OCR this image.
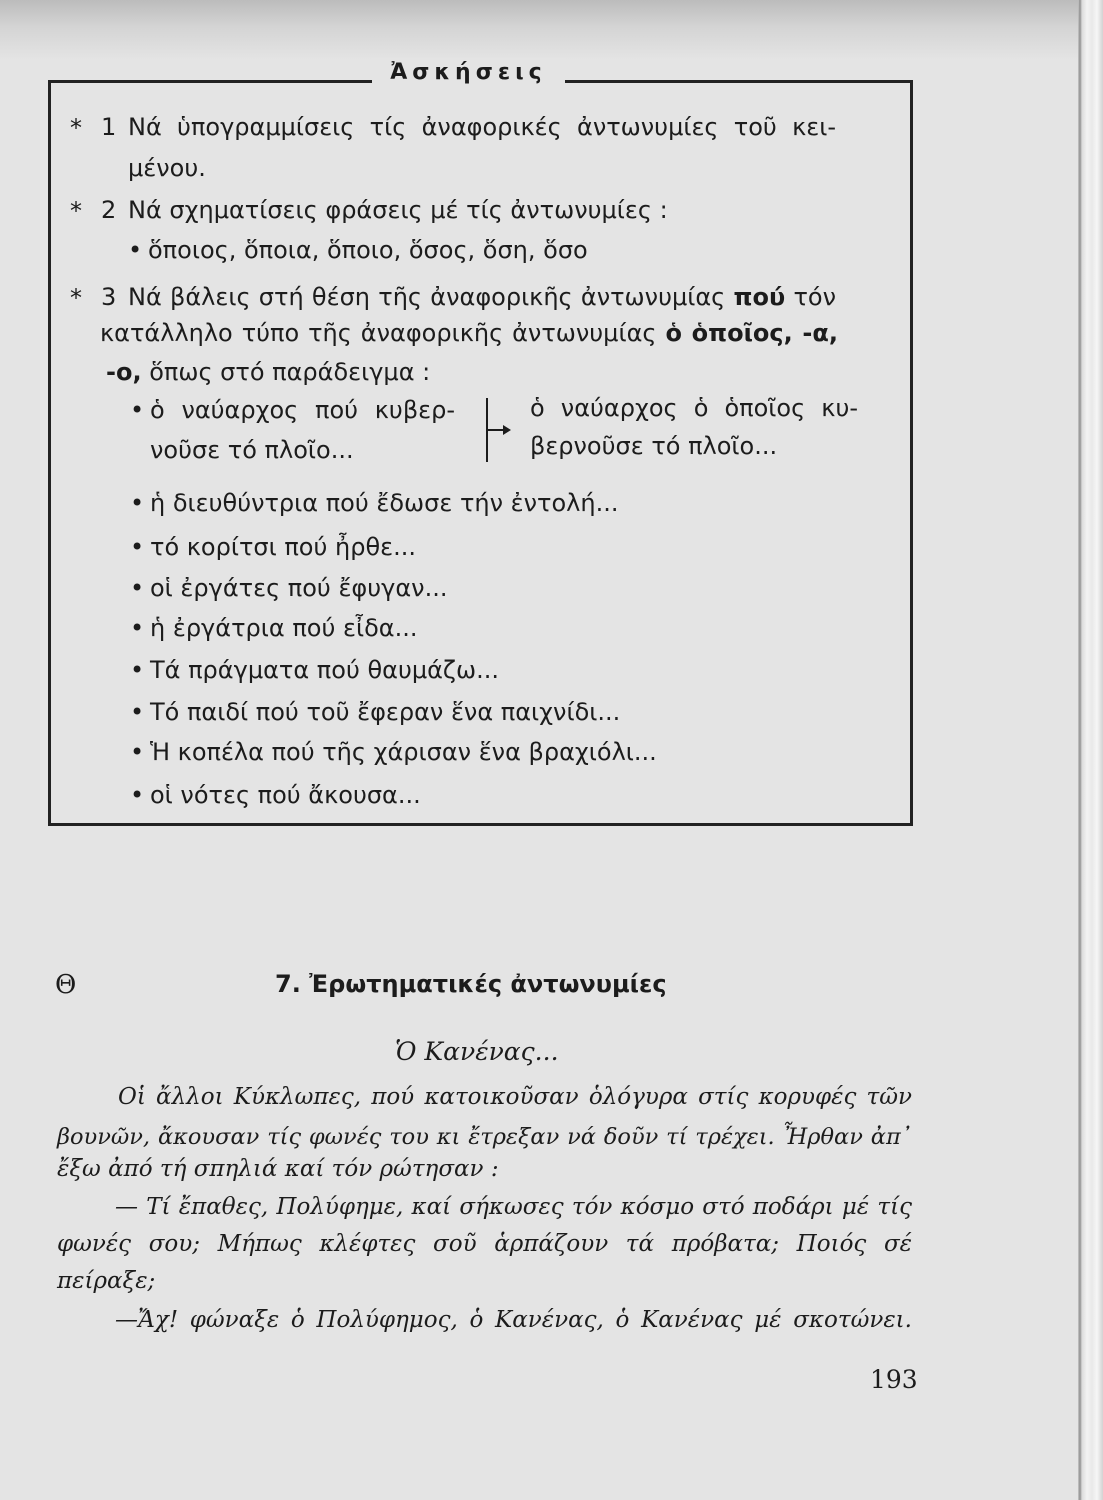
Ἀσκήσεις
* 1 Νά ὑπογραμμίσεις τίς ἀναφορικές ἀντωνυμίες τοῦ κει-
μένου.
* 2 Νά σχηματίσεις φράσεις μέ τίς ἀντωνυμίες :
• ὅποιος, ὅποια, ὅποιο, ὅσος, ὅση, ὅσο
* 3 Νά βάλεις στή θέση τῆς ἀναφορικῆς ἀντωνυμίας πού τόν
κατάλληλο τύπο τῆς ἀναφορικῆς ἀντωνυμίας ὁ ὁποῖος, -α,
-ο, ὅπως στό παράδειγμα :
• ὁ ναύαρχος πού κυβερ-
νοῦσε τό πλοῖο...
ὁ ναύαρχος ὁ ὁποῖος κυ-
βερνοῦσε τό πλοῖο...
• ἡ διευθύντρια πού ἔδωσε τήν ἐντολή...
• τό κορίτσι πού ἦρθε...
• οἱ ἐργάτες πού ἔφυγαν...
• ἡ ἐργάτρια πού εἶδα...
• Τά πράγματα πού θαυμάζω...
• Τό παιδί πού τοῦ ἔφεραν ἕνα παιχνίδι...
• Ἡ κοπέλα πού τῆς χάρισαν ἕνα βραχιόλι...
• οἱ νότες πού ἄκουσα...
Θ	7. Ἐρωτηματικές ἀντωνυμίες
Ὁ Κανένας...
Οἱ ἄλλοι Κύκλωπες, πού κατοικοῦσαν ὁλόγυρα στίς κορυφές τῶν
βουνῶν, ἄκουσαν τίς φωνές του κι ἔτρεξαν νά δοῦν τί τρέχει. Ἦρθαν ἀπ᾽
ἔξω ἀπό τή σπηλιά καί τόν ρώτησαν :
— Τί ἔπαθες, Πολύφημε, καί σήκωσες τόν κόσμο στό ποδάρι μέ τίς
φωνές σου; Μήπως κλέφτες σοῦ ἁρπάζουν τά πρόβατα; Ποιός σέ
πείραξε;
—Ἄχ! φώναξε ὁ Πολύφημος, ὁ Κανένας, ὁ Κανένας μέ σκοτώνει.
193
